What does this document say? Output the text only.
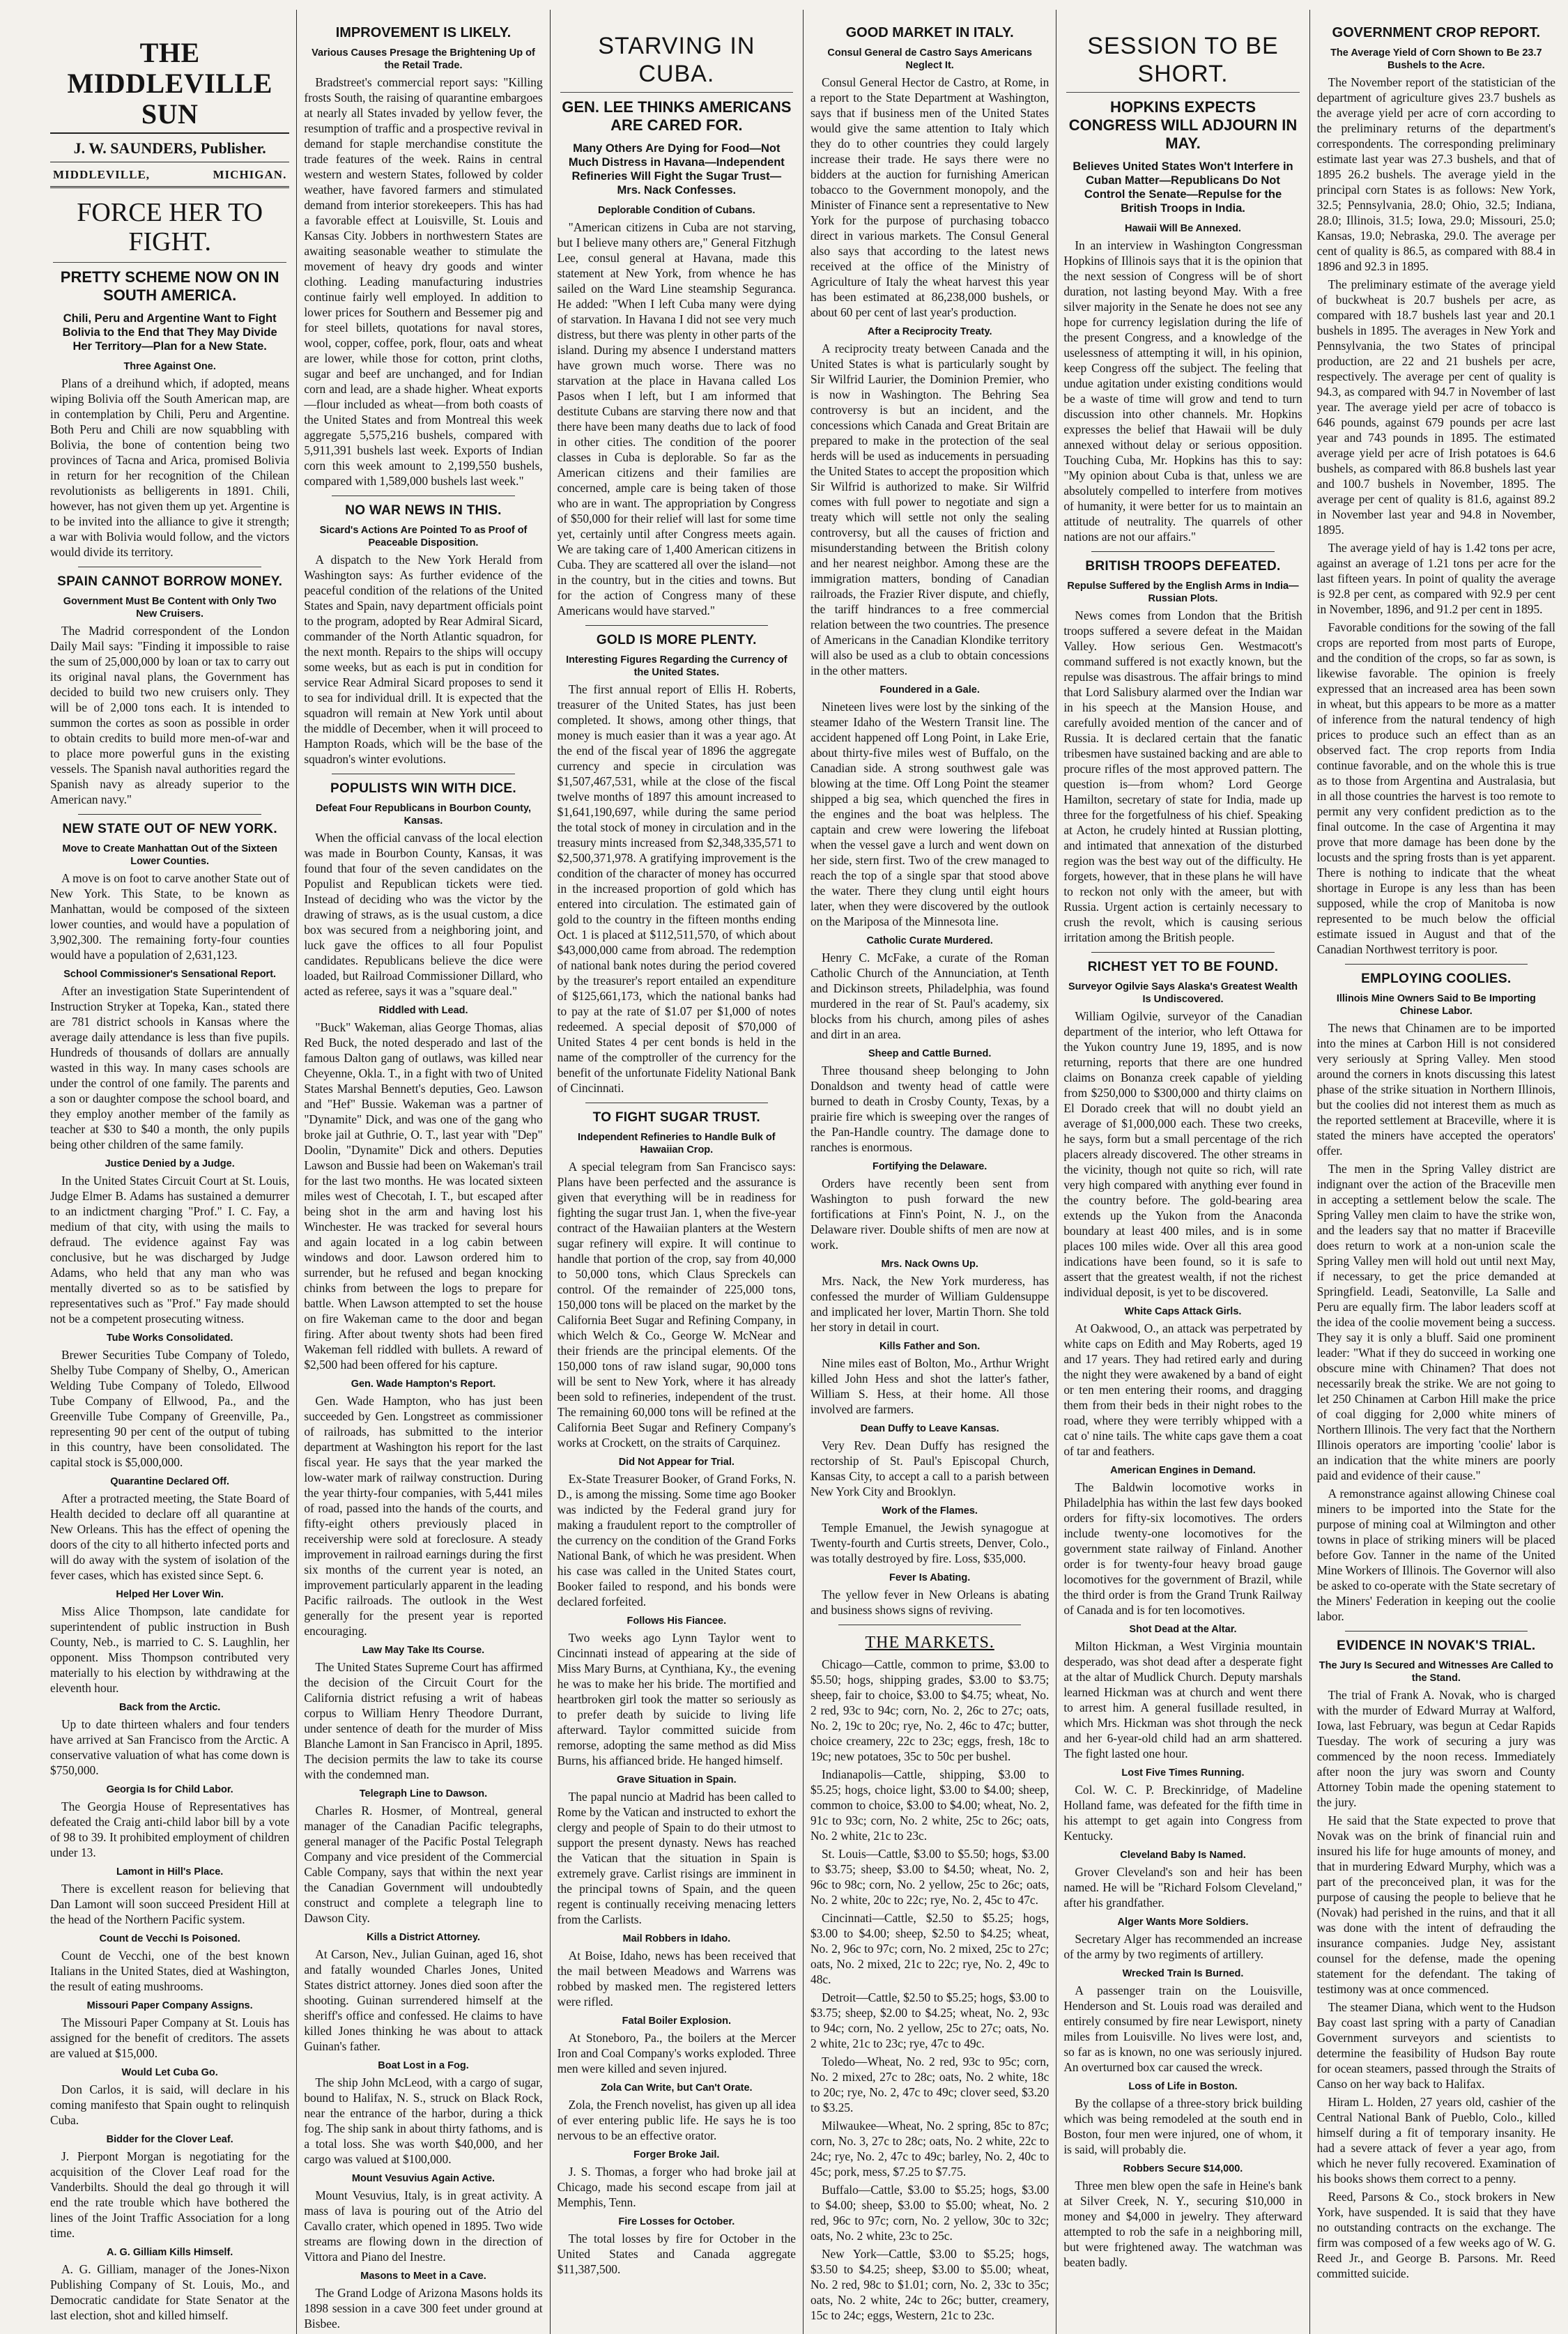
THE MIDDLEVILLE SUN
J. W. SAUNDERS, Publisher.
MIDDLEVILLE,	MICHIGAN.
FORCE HER TO FIGHT.
PRETTY SCHEME NOW ON IN SOUTH AMERICA.
Chili, Peru and Argentine Want to Fight Bolivia to the End that They May Divide Her Territory—Plan for a New State.
Three Against One.

Plans of a dreihund which, if adopted, means wiping Bolivia off the South American map, are in contemplation by Chili, Peru and Argentine. Both Peru and Chili are now squabbling with Bolivia, the bone of contention being two provinces of Tacna and Arica, promised Bolivia in return for her recognition of the Chilean revolutionists as belligerents in 1891. Chili, however, has not given them up yet. Argentine is to be invited into the alliance to give it strength; a war with Bolivia would follow, and the victors would divide its territory.

SPAIN CANNOT BORROW MONEY.
Government Must Be Content with Only Two New Cruisers.

The Madrid correspondent of the London Daily Mail says: "Finding it impossible to raise the sum of 25,000,000 by loan or tax to carry out its original naval plans, the Government has decided to build two new cruisers only. They will be of 2,000 tons each. It is intended to summon the cortes as soon as possible in order to obtain credits to build more men-of-war and to place more powerful guns in the existing vessels. The Spanish naval authorities regard the Spanish navy as already superior to the American navy."

NEW STATE OUT OF NEW YORK.
Move to Create Manhattan Out of the Sixteen Lower Counties.

A move is on foot to carve another State out of New York. This State, to be known as Manhattan, would be composed of the sixteen lower counties, and would have a population of 3,902,300. The remaining forty-four counties would have a population of 2,631,123.

School Commissioner's Sensational Report.

After an investigation State Superintendent of Instruction Stryker at Topeka, Kan., stated there are 781 district schools in Kansas where the average daily attendance is less than five pupils. Hundreds of thousands of dollars are annually wasted in this way. In many cases schools are under the control of one family. The parents and a son or daughter compose the school board, and they employ another member of the family as teacher at $30 to $40 a month, the only pupils being other children of the same family.

Justice Denied by a Judge.

In the United States Circuit Court at St. Louis, Judge Elmer B. Adams has sustained a demurrer to an indictment charging "Prof." I. C. Fay, a medium of that city, with using the mails to defraud. The evidence against Fay was conclusive, but he was discharged by Judge Adams, who held that any man who was mentally diverted so as to be satisfied by representatives such as "Prof." Fay made should not be a competent prosecuting witness.

Tube Works Consolidated.

Brewer Securities Tube Company of Toledo, Shelby Tube Company of Shelby, O., American Welding Tube Company of Toledo, Ellwood Tube Company of Ellwood, Pa., and the Greenville Tube Company of Greenville, Pa., representing 90 per cent of the output of tubing in this country, have been consolidated. The capital stock is $5,000,000.

Quarantine Declared Off.

After a protracted meeting, the State Board of Health decided to declare off all quarantine at New Orleans. This has the effect of opening the doors of the city to all hitherto infected ports and will do away with the system of isolation of the fever cases, which has existed since Sept. 6.

Helped Her Lover Win.

Miss Alice Thompson, late candidate for superintendent of public instruction in Bush County, Neb., is married to C. S. Laughlin, her opponent. Miss Thompson contributed very materially to his election by withdrawing at the eleventh hour.

Back from the Arctic.

Up to date thirteen whalers and four tenders have arrived at San Francisco from the Arctic. A conservative valuation of what has come down is $750,000.

Georgia Is for Child Labor.

The Georgia House of Representatives has defeated the Craig anti-child labor bill by a vote of 98 to 39. It prohibited employment of children under 13.

Lamont in Hill's Place.

There is excellent reason for believing that Dan Lamont will soon succeed President Hill at the head of the Northern Pacific system.

Count de Vecchi Is Poisoned.

Count de Vecchi, one of the best known Italians in the United States, died at Washington, the result of eating mushrooms.

Missouri Paper Company Assigns.

The Missouri Paper Company at St. Louis has assigned for the benefit of creditors. The assets are valued at $15,000.

Would Let Cuba Go.

Don Carlos, it is said, will declare in his coming manifesto that Spain ought to relinquish Cuba.

Bidder for the Clover Leaf.

J. Pierpont Morgan is negotiating for the acquisition of the Clover Leaf road for the Vanderbilts. Should the deal go through it will end the rate trouble which have bothered the lines of the Joint Traffic Association for a long time.

A. G. Gilliam Kills Himself.

A. G. Gilliam, manager of the Jones-Nixon Publishing Company of St. Louis, Mo., and Democratic candidate for State Senator at the last election, shot and killed himself.

IMPROVEMENT IS LIKELY.
Various Causes Presage the Brightening Up of the Retail Trade.

Bradstreet's commercial report says: "Killing frosts South, the raising of quarantine embargoes at nearly all States invaded by yellow fever, the resumption of traffic and a prospective revival in demand for staple merchandise constitute the trade features of the week. Rains in central western and western States, followed by colder weather, have favored farmers and stimulated demand from interior storekeepers. This has had a favorable effect at Louisville, St. Louis and Kansas City. Jobbers in northwestern States are awaiting seasonable weather to stimulate the movement of heavy dry goods and winter clothing. Leading manufacturing industries continue fairly well employed. In addition to lower prices for Southern and Bessemer pig and for steel billets, quotations for naval stores, wool, copper, coffee, pork, flour, oats and wheat are lower, while those for cotton, print cloths, sugar and beef are unchanged, and for Indian corn and lead, are a shade higher. Wheat exports—flour included as wheat—from both coasts of the United States and from Montreal this week aggregate 5,575,216 bushels, compared with 5,911,391 bushels last week. Exports of Indian corn this week amount to 2,199,550 bushels, compared with 1,589,000 bushels last week."

NO WAR NEWS IN THIS.
Sicard's Actions Are Pointed To as Proof of Peaceable Disposition.

A dispatch to the New York Herald from Washington says: As further evidence of the peaceful condition of the relations of the United States and Spain, navy department officials point to the program, adopted by Rear Admiral Sicard, commander of the North Atlantic squadron, for the next month. Repairs to the ships will occupy some weeks, but as each is put in condition for service Rear Admiral Sicard proposes to send it to sea for individual drill. It is expected that the squadron will remain at New York until about the middle of December, when it will proceed to Hampton Roads, which will be the base of the squadron's winter evolutions.

POPULISTS WIN WITH DICE.
Defeat Four Republicans in Bourbon County, Kansas.

When the official canvass of the local election was made in Bourbon County, Kansas, it was found that four of the seven candidates on the Populist and Republican tickets were tied. Instead of deciding who was the victor by the drawing of straws, as is the usual custom, a dice box was secured from a neighboring joint, and luck gave the offices to all four Populist candidates. Republicans believe the dice were loaded, but Railroad Commissioner Dillard, who acted as referee, says it was a "square deal."

Riddled with Lead.

"Buck" Wakeman, alias George Thomas, alias Red Buck, the noted desperado and last of the famous Dalton gang of outlaws, was killed near Cheyenne, Okla. T., in a fight with two of United States Marshal Bennett's deputies, Geo. Lawson and "Hef" Bussie. Wakeman was a partner of "Dynamite" Dick, and was one of the gang who broke jail at Guthrie, O. T., last year with "Dep" Doolin, "Dynamite" Dick and others. Deputies Lawson and Bussie had been on Wakeman's trail for the last two months. He was located sixteen miles west of Checotah, I. T., but escaped after being shot in the arm and having lost his Winchester. He was tracked for several hours and again located in a log cabin between windows and door. Lawson ordered him to surrender, but he refused and began knocking chinks from between the logs to prepare for battle. When Lawson attempted to set the house on fire Wakeman came to the door and began firing. After about twenty shots had been fired Wakeman fell riddled with bullets. A reward of $2,500 had been offered for his capture.

Gen. Wade Hampton's Report.

Gen. Wade Hampton, who has just been succeeded by Gen. Longstreet as commissioner of railroads, has submitted to the interior department at Washington his report for the last fiscal year. He says that the year marked the low-water mark of railway construction. During the year thirty-four companies, with 5,441 miles of road, passed into the hands of the courts, and fifty-eight others previously placed in receivership were sold at foreclosure. A steady improvement in railroad earnings during the first six months of the current year is noted, an improvement particularly apparent in the leading Pacific railroads. The outlook in the West generally for the present year is reported encouraging.

Law May Take Its Course.

The United States Supreme Court has affirmed the decision of the Circuit Court for the California district refusing a writ of habeas corpus to William Henry Theodore Durrant, under sentence of death for the murder of Miss Blanche Lamont in San Francisco in April, 1895. The decision permits the law to take its course with the condemned man.

Telegraph Line to Dawson.

Charles R. Hosmer, of Montreal, general manager of the Canadian Pacific telegraphs, general manager of the Pacific Postal Telegraph Company and vice president of the Commercial Cable Company, says that within the next year the Canadian Government will undoubtedly construct and complete a telegraph line to Dawson City.

Kills a District Attorney.

At Carson, Nev., Julian Guinan, aged 16, shot and fatally wounded Charles Jones, United States district attorney. Jones died soon after the shooting. Guinan surrendered himself at the sheriff's office and confessed. He claims to have killed Jones thinking he was about to attack Guinan's father.

Boat Lost in a Fog.

The ship John McLeod, with a cargo of sugar, bound to Halifax, N. S., struck on Black Rock, near the entrance of the harbor, during a thick fog. The ship sank in about thirty fathoms, and is a total loss. She was worth $40,000, and her cargo was valued at $100,000.

Mount Vesuvius Again Active.

Mount Vesuvius, Italy, is in great activity. A mass of lava is pouring out of the Atrio del Cavallo crater, which opened in 1895. Two wide streams are flowing down in the direction of Vittora and Piano del Inestre.

Masons to Meet in a Cave.

The Grand Lodge of Arizona Masons holds its 1898 session in a cave 300 feet under ground at Bisbee.

STARVING IN CUBA.
GEN. LEE THINKS AMERICANS ARE CARED FOR.
Many Others Are Dying for Food—Not Much Distress in Havana—Independent Refineries Will Fight the Sugar Trust—Mrs. Nack Confesses.
Deplorable Condition of Cubans.

"American citizens in Cuba are not starving, but I believe many others are," General Fitzhugh Lee, consul general at Havana, made this statement at New York, from whence he has sailed on the Ward Line steamship Seguranca. He added: "When I left Cuba many were dying of starvation. In Havana I did not see very much distress, but there was plenty in other parts of the island. During my absence I understand matters have grown much worse. There was no starvation at the place in Havana called Los Pasos when I left, but I am informed that destitute Cubans are starving there now and that there have been many deaths due to lack of food in other cities. The condition of the poorer classes in Cuba is deplorable. So far as the American citizens and their families are concerned, ample care is being taken of those who are in want. The appropriation by Congress of $50,000 for their relief will last for some time yet, certainly until after Congress meets again. We are taking care of 1,400 American citizens in Cuba. They are scattered all over the island—not in the country, but in the cities and towns. But for the action of Congress many of these Americans would have starved."

GOLD IS MORE PLENTY.
Interesting Figures Regarding the Currency of the United States.

The first annual report of Ellis H. Roberts, treasurer of the United States, has just been completed. It shows, among other things, that money is much easier than it was a year ago. At the end of the fiscal year of 1896 the aggregate currency and specie in circulation was $1,507,467,531, while at the close of the fiscal twelve months of 1897 this amount increased to $1,641,190,697, while during the same period the total stock of money in circulation and in the treasury mints increased from $2,348,335,571 to $2,500,371,978. A gratifying improvement is the condition of the character of money has occurred in the increased proportion of gold which has entered into circulation. The estimated gain of gold to the country in the fifteen months ending Oct. 1 is placed at $112,511,570, of which about $43,000,000 came from abroad. The redemption of national bank notes during the period covered by the treasurer's report entailed an expenditure of $125,661,173, which the national banks had to pay at the rate of $1.07 per $1,000 of notes redeemed. A special deposit of $70,000 of United States 4 per cent bonds is held in the name of the comptroller of the currency for the benefit of the unfortunate Fidelity National Bank of Cincinnati.

TO FIGHT SUGAR TRUST.
Independent Refineries to Handle Bulk of Hawaiian Crop.

A special telegram from San Francisco says: Plans have been perfected and the assurance is given that everything will be in readiness for fighting the sugar trust Jan. 1, when the five-year contract of the Hawaiian planters at the Western sugar refinery will expire. It will continue to handle that portion of the crop, say from 40,000 to 50,000 tons, which Claus Spreckels can control. Of the remainder of 225,000 tons, 150,000 tons will be placed on the market by the California Beet Sugar and Refining Company, in which Welch & Co., George W. McNear and their friends are the principal elements. Of the 150,000 tons of raw island sugar, 90,000 tons will be sent to New York, where it has already been sold to refineries, independent of the trust. The remaining 60,000 tons will be refined at the California Beet Sugar and Refinery Company's works at Crockett, on the straits of Carquinez.

Did Not Appear for Trial.

Ex-State Treasurer Booker, of Grand Forks, N. D., is among the missing. Some time ago Booker was indicted by the Federal grand jury for making a fraudulent report to the comptroller of the currency on the condition of the Grand Forks National Bank, of which he was president. When his case was called in the United States court, Booker failed to respond, and his bonds were declared forfeited.

Follows His Fiancee.

Two weeks ago Lynn Taylor went to Cincinnati instead of appearing at the side of Miss Mary Burns, at Cynthiana, Ky., the evening he was to make her his bride. The mortified and heartbroken girl took the matter so seriously as to prefer death by suicide to living life afterward. Taylor committed suicide from remorse, adopting the same method as did Miss Burns, his affianced bride. He hanged himself.

Grave Situation in Spain.

The papal nuncio at Madrid has been called to Rome by the Vatican and instructed to exhort the clergy and people of Spain to do their utmost to support the present dynasty. News has reached the Vatican that the situation in Spain is extremely grave. Carlist risings are imminent in the principal towns of Spain, and the queen regent is continually receiving menacing letters from the Carlists.

Mail Robbers in Idaho.

At Boise, Idaho, news has been received that the mail between Meadows and Warrens was robbed by masked men. The registered letters were rifled.

Fatal Boiler Explosion.

At Stoneboro, Pa., the boilers at the Mercer Iron and Coal Company's works exploded. Three men were killed and seven injured.

Zola Can Write, but Can't Orate.

Zola, the French novelist, has given up all idea of ever entering public life. He says he is too nervous to be an effective orator.

Forger Broke Jail.

J. S. Thomas, a forger who had broke jail at Chicago, made his second escape from jail at Memphis, Tenn.

Fire Losses for October.

The total losses by fire for October in the United States and Canada aggregate $11,387,500.

GOOD MARKET IN ITALY.
Consul General de Castro Says Americans Neglect It.

Consul General Hector de Castro, at Rome, in a report to the State Department at Washington, says that if business men of the United States would give the same attention to Italy which they do to other countries they could largely increase their trade. He says there were no bidders at the auction for furnishing American tobacco to the Government monopoly, and the Minister of Finance sent a representative to New York for the purpose of purchasing tobacco direct in various markets. The Consul General also says that according to the latest news received at the office of the Ministry of Agriculture of Italy the wheat harvest this year has been estimated at 86,238,000 bushels, or about 60 per cent of last year's production.

After a Reciprocity Treaty.

A reciprocity treaty between Canada and the United States is what is particularly sought by Sir Wilfrid Laurier, the Dominion Premier, who is now in Washington. The Behring Sea controversy is but an incident, and the concessions which Canada and Great Britain are prepared to make in the protection of the seal herds will be used as inducements in persuading the United States to accept the proposition which Sir Wilfrid is authorized to make. Sir Wilfrid comes with full power to negotiate and sign a treaty which will settle not only the sealing controversy, but all the causes of friction and misunderstanding between the British colony and her nearest neighbor. Among these are the immigration matters, bonding of Canadian railroads, the Frazier River dispute, and chiefly, the tariff hindrances to a free commercial relation between the two countries. The presence of Americans in the Canadian Klondike territory will also be used as a club to obtain concessions in the other matters.

Foundered in a Gale.

Nineteen lives were lost by the sinking of the steamer Idaho of the Western Transit line. The accident happened off Long Point, in Lake Erie, about thirty-five miles west of Buffalo, on the Canadian side. A strong southwest gale was blowing at the time. Off Long Point the steamer shipped a big sea, which quenched the fires in the engines and the boat was helpless. The captain and crew were lowering the lifeboat when the vessel gave a lurch and went down on her side, stern first. Two of the crew managed to reach the top of a single spar that stood above the water. There they clung until eight hours later, when they were discovered by the outlook on the Mariposa of the Minnesota line.

Catholic Curate Murdered.

Henry C. McFake, a curate of the Roman Catholic Church of the Annunciation, at Tenth and Dickinson streets, Philadelphia, was found murdered in the rear of St. Paul's academy, six blocks from his church, among piles of ashes and dirt in an area.

Sheep and Cattle Burned.

Three thousand sheep belonging to John Donaldson and twenty head of cattle were burned to death in Crosby County, Texas, by a prairie fire which is sweeping over the ranges of the Pan-Handle country. The damage done to ranches is enormous.

Fortifying the Delaware.

Orders have recently been sent from Washington to push forward the new fortifications at Finn's Point, N. J., on the Delaware river. Double shifts of men are now at work.

Mrs. Nack Owns Up.

Mrs. Nack, the New York murderess, has confessed the murder of William Guldensuppe and implicated her lover, Martin Thorn. She told her story in detail in court.

Kills Father and Son.

Nine miles east of Bolton, Mo., Arthur Wright killed John Hess and shot the latter's father, William S. Hess, at their home. All those involved are farmers.

Dean Duffy to Leave Kansas.

Very Rev. Dean Duffy has resigned the rectorship of St. Paul's Episcopal Church, Kansas City, to accept a call to a parish between New York City and Brooklyn.

Work of the Flames.

Temple Emanuel, the Jewish synagogue at Twenty-fourth and Curtis streets, Denver, Colo., was totally destroyed by fire. Loss, $35,000.

Fever Is Abating.

The yellow fever in New Orleans is abating and business shows signs of reviving.

THE MARKETS.

Chicago—Cattle, common to prime, $3.00 to $5.50; hogs, shipping grades, $3.00 to $3.75; sheep, fair to choice, $3.00 to $4.75; wheat, No. 2 red, 93c to 94c; corn, No. 2, 26c to 27c; oats, No. 2, 19c to 20c; rye, No. 2, 46c to 47c; butter, choice creamery, 22c to 23c; eggs, fresh, 18c to 19c; new potatoes, 35c to 50c per bushel.

Indianapolis—Cattle, shipping, $3.00 to $5.25; hogs, choice light, $3.00 to $4.00; sheep, common to choice, $3.00 to $4.00; wheat, No. 2, 91c to 93c; corn, No. 2 white, 25c to 26c; oats, No. 2 white, 21c to 23c.

St. Louis—Cattle, $3.00 to $5.50; hogs, $3.00 to $3.75; sheep, $3.00 to $4.50; wheat, No. 2, 96c to 98c; corn, No. 2 yellow, 25c to 26c; oats, No. 2 white, 20c to 22c; rye, No. 2, 45c to 47c.

Cincinnati—Cattle, $2.50 to $5.25; hogs, $3.00 to $4.00; sheep, $2.50 to $4.25; wheat, No. 2, 96c to 97c; corn, No. 2 mixed, 25c to 27c; oats, No. 2 mixed, 21c to 22c; rye, No. 2, 49c to 48c.

Detroit—Cattle, $2.50 to $5.25; hogs, $3.00 to $3.75; sheep, $2.00 to $4.25; wheat, No. 2, 93c to 94c; corn, No. 2 yellow, 25c to 27c; oats, No. 2 white, 21c to 23c; rye, 47c to 49c.

Toledo—Wheat, No. 2 red, 93c to 95c; corn, No. 2 mixed, 27c to 28c; oats, No. 2 white, 18c to 20c; rye, No. 2, 47c to 49c; clover seed, $3.20 to $3.25.

Milwaukee—Wheat, No. 2 spring, 85c to 87c; corn, No. 3, 27c to 28c; oats, No. 2 white, 22c to 24c; rye, No. 2, 47c to 49c; barley, No. 2, 40c to 45c; pork, mess, $7.25 to $7.75.

Buffalo—Cattle, $3.00 to $5.25; hogs, $3.00 to $4.00; sheep, $3.00 to $5.00; wheat, No. 2 red, 96c to 97c; corn, No. 2 yellow, 30c to 32c; oats, No. 2 white, 23c to 25c.

New York—Cattle, $3.00 to $5.25; hogs, $3.50 to $4.25; sheep, $3.00 to $5.00; wheat, No. 2 red, 98c to $1.01; corn, No. 2, 33c to 35c; oats, No. 2 white, 24c to 26c; butter, creamery, 15c to 24c; eggs, Western, 21c to 23c.

SESSION TO BE SHORT.
HOPKINS EXPECTS CONGRESS WILL ADJOURN IN MAY.
Believes United States Won't Interfere in Cuban Matter—Republicans Do Not Control the Senate—Repulse for the British Troops in India.
Hawaii Will Be Annexed.

In an interview in Washington Congressman Hopkins of Illinois says that it is the opinion that the next session of Congress will be of short duration, not lasting beyond May. With a free silver majority in the Senate he does not see any hope for currency legislation during the life of the present Congress, and a knowledge of the uselessness of attempting it will, in his opinion, keep Congress off the subject. The feeling that undue agitation under existing conditions would be a waste of time will grow and tend to turn discussion into other channels. Mr. Hopkins expresses the belief that Hawaii will be duly annexed without delay or serious opposition. Touching Cuba, Mr. Hopkins has this to say: "My opinion about Cuba is that, unless we are absolutely compelled to interfere from motives of humanity, it were better for us to maintain an attitude of neutrality. The quarrels of other nations are not our affairs."

BRITISH TROOPS DEFEATED.
Repulse Suffered by the English Arms in India—Russian Plots.

News comes from London that the British troops suffered a severe defeat in the Maidan Valley. How serious Gen. Westmacott's command suffered is not exactly known, but the repulse was disastrous. The affair brings to mind that Lord Salisbury alarmed over the Indian war in his speech at the Mansion House, and carefully avoided mention of the cancer and of Russia. It is declared certain that the fanatic tribesmen have sustained backing and are able to procure rifles of the most approved pattern. The question is—from whom? Lord George Hamilton, secretary of state for India, made up three for the forgetfulness of his chief. Speaking at Acton, he crudely hinted at Russian plotting, and intimated that annexation of the disturbed region was the best way out of the difficulty. He forgets, however, that in these plans he will have to reckon not only with the ameer, but with Russia. Urgent action is certainly necessary to crush the revolt, which is causing serious irritation among the British people.

RICHEST YET TO BE FOUND.
Surveyor Ogilvie Says Alaska's Greatest Wealth Is Undiscovered.

William Ogilvie, surveyor of the Canadian department of the interior, who left Ottawa for the Yukon country June 19, 1895, and is now returning, reports that there are one hundred claims on Bonanza creek capable of yielding from $250,000 to $300,000 and thirty claims on El Dorado creek that will no doubt yield an average of $1,000,000 each. These two creeks, he says, form but a small percentage of the rich placers already discovered. The other streams in the vicinity, though not quite so rich, will rate very high compared with anything ever found in the country before. The gold-bearing area extends up the Yukon from the Anaconda boundary at least 400 miles, and is in some places 100 miles wide. Over all this area good indications have been found, so it is safe to assert that the greatest wealth, if not the richest individual deposit, is yet to be discovered.

White Caps Attack Girls.

At Oakwood, O., an attack was perpetrated by white caps on Edith and May Roberts, aged 19 and 17 years. They had retired early and during the night they were awakened by a band of eight or ten men entering their rooms, and dragging them from their beds in their night robes to the road, where they were terribly whipped with a cat o' nine tails. The white caps gave them a coat of tar and feathers.

American Engines in Demand.

The Baldwin locomotive works in Philadelphia has within the last few days booked orders for fifty-six locomotives. The orders include twenty-one locomotives for the government state railway of Finland. Another order is for twenty-four heavy broad gauge locomotives for the government of Brazil, while the third order is from the Grand Trunk Railway of Canada and is for ten locomotives.

Shot Dead at the Altar.

Milton Hickman, a West Virginia mountain desperado, was shot dead after a desperate fight at the altar of Mudlick Church. Deputy marshals learned Hickman was at church and went there to arrest him. A general fusillade resulted, in which Mrs. Hickman was shot through the neck and her 6-year-old child had an arm shattered. The fight lasted one hour.

Lost Five Times Running.

Col. W. C. P. Breckinridge, of Madeline Holland fame, was defeated for the fifth time in his attempt to get again into Congress from Kentucky.

Cleveland Baby Is Named.

Grover Cleveland's son and heir has been named. He will be "Richard Folsom Cleveland," after his grandfather.

Alger Wants More Soldiers.

Secretary Alger has recommended an increase of the army by two regiments of artillery.

Wrecked Train Is Burned.

A passenger train on the Louisville, Henderson and St. Louis road was derailed and entirely consumed by fire near Lewisport, ninety miles from Louisville. No lives were lost, and, so far as is known, no one was seriously injured. An overturned box car caused the wreck.

Loss of Life in Boston.

By the collapse of a three-story brick building which was being remodeled at the south end in Boston, four men were injured, one of whom, it is said, will probably die.

Robbers Secure $14,000.

Three men blew open the safe in Heine's bank at Silver Creek, N. Y., securing $10,000 in money and $4,000 in jewelry. They afterward attempted to rob the safe in a neighboring mill, but were frightened away. The watchman was beaten badly.

GOVERNMENT CROP REPORT.
The Average Yield of Corn Shown to Be 23.7 Bushels to the Acre.

The November report of the statistician of the department of agriculture gives 23.7 bushels as the average yield per acre of corn according to the preliminary returns of the department's correspondents. The corresponding preliminary estimate last year was 27.3 bushels, and that of 1895 26.2 bushels. The average yield in the principal corn States is as follows: New York, 32.5; Pennsylvania, 28.0; Ohio, 32.5; Indiana, 28.0; Illinois, 31.5; Iowa, 29.0; Missouri, 25.0; Kansas, 19.0; Nebraska, 29.0. The average per cent of quality is 86.5, as compared with 88.4 in 1896 and 92.3 in 1895.

The preliminary estimate of the average yield of buckwheat is 20.7 bushels per acre, as compared with 18.7 bushels last year and 20.1 bushels in 1895. The averages in New York and Pennsylvania, the two States of principal production, are 22 and 21 bushels per acre, respectively. The average per cent of quality is 94.3, as compared with 94.7 in November of last year. The average yield per acre of tobacco is 646 pounds, against 679 pounds per acre last year and 743 pounds in 1895. The estimated average yield per acre of Irish potatoes is 64.6 bushels, as compared with 86.8 bushels last year and 100.7 bushels in November, 1895. The average per cent of quality is 81.6, against 89.2 in November last year and 94.8 in November, 1895.

The average yield of hay is 1.42 tons per acre, against an average of 1.21 tons per acre for the last fifteen years. In point of quality the average is 92.8 per cent, as compared with 92.9 per cent in November, 1896, and 91.2 per cent in 1895.

Favorable conditions for the sowing of the fall crops are reported from most parts of Europe, and the condition of the crops, so far as sown, is likewise favorable. The opinion is freely expressed that an increased area has been sown in wheat, but this appears to be more as a matter of inference from the natural tendency of high prices to produce such an effect than as an observed fact. The crop reports from India continue favorable, and on the whole this is true as to those from Argentina and Australasia, but in all those countries the harvest is too remote to permit any very confident prediction as to the final outcome. In the case of Argentina it may prove that more damage has been done by the locusts and the spring frosts than is yet apparent. There is nothing to indicate that the wheat shortage in Europe is any less than has been supposed, while the crop of Manitoba is now represented to be much below the official estimate issued in August and that of the Canadian Northwest territory is poor.

EMPLOYING COOLIES.
Illinois Mine Owners Said to Be Importing Chinese Labor.

The news that Chinamen are to be imported into the mines at Carbon Hill is not considered very seriously at Spring Valley. Men stood around the corners in knots discussing this latest phase of the strike situation in Northern Illinois, but the coolies did not interest them as much as the reported settlement at Braceville, where it is stated the miners have accepted the operators' offer.

The men in the Spring Valley district are indignant over the action of the Braceville men in accepting a settlement below the scale. The Spring Valley men claim to have the strike won, and the leaders say that no matter if Braceville does return to work at a non-union scale the Spring Valley men will hold out until next May, if necessary, to get the price demanded at Springfield. Leadi, Seatonville, La Salle and Peru are equally firm. The labor leaders scoff at the idea of the coolie movement being a success. They say it is only a bluff. Said one prominent leader: "What if they do succeed in working one obscure mine with Chinamen? That does not necessarily break the strike. We are not going to let 250 Chinamen at Carbon Hill make the price of coal digging for 2,000 white miners of Northern Illinois. The very fact that the Northern Illinois operators are importing 'coolie' labor is an indication that the white miners are poorly paid and evidence of their cause."

A remonstrance against allowing Chinese coal miners to be imported into the State for the purpose of mining coal at Wilmington and other towns in place of striking miners will be placed before Gov. Tanner in the name of the United Mine Workers of Illinois. The Governor will also be asked to co-operate with the State secretary of the Miners' Federation in keeping out the coolie labor.

EVIDENCE IN NOVAK'S TRIAL.
The Jury Is Secured and Witnesses Are Called to the Stand.

The trial of Frank A. Novak, who is charged with the murder of Edward Murray at Walford, Iowa, last February, was begun at Cedar Rapids Tuesday. The work of securing a jury was commenced by the noon recess. Immediately after noon the jury was sworn and County Attorney Tobin made the opening statement to the jury.

He said that the State expected to prove that Novak was on the brink of financial ruin and insured his life for huge amounts of money, and that in murdering Edward Murphy, which was a part of the preconceived plan, it was for the purpose of causing the people to believe that he (Novak) had perished in the ruins, and that it all was done with the intent of defrauding the insurance companies. Judge Ney, assistant counsel for the defense, made the opening statement for the defendant. The taking of testimony was at once commenced.

The steamer Diana, which went to the Hudson Bay coast last spring with a party of Canadian Government surveyors and scientists to determine the feasibility of Hudson Bay route for ocean steamers, passed through the Straits of Canso on her way back to Halifax.

Hiram L. Holden, 27 years old, cashier of the Central National Bank of Pueblo, Colo., killed himself during a fit of temporary insanity. He had a severe attack of fever a year ago, from which he never fully recovered. Examination of his books shows them correct to a penny.

Reed, Parsons & Co., stock brokers in New York, have suspended. It is said that they have no outstanding contracts on the exchange. The firm was composed of a few weeks ago of W. G. Reed Jr., and George B. Parsons. Mr. Reed committed suicide.
